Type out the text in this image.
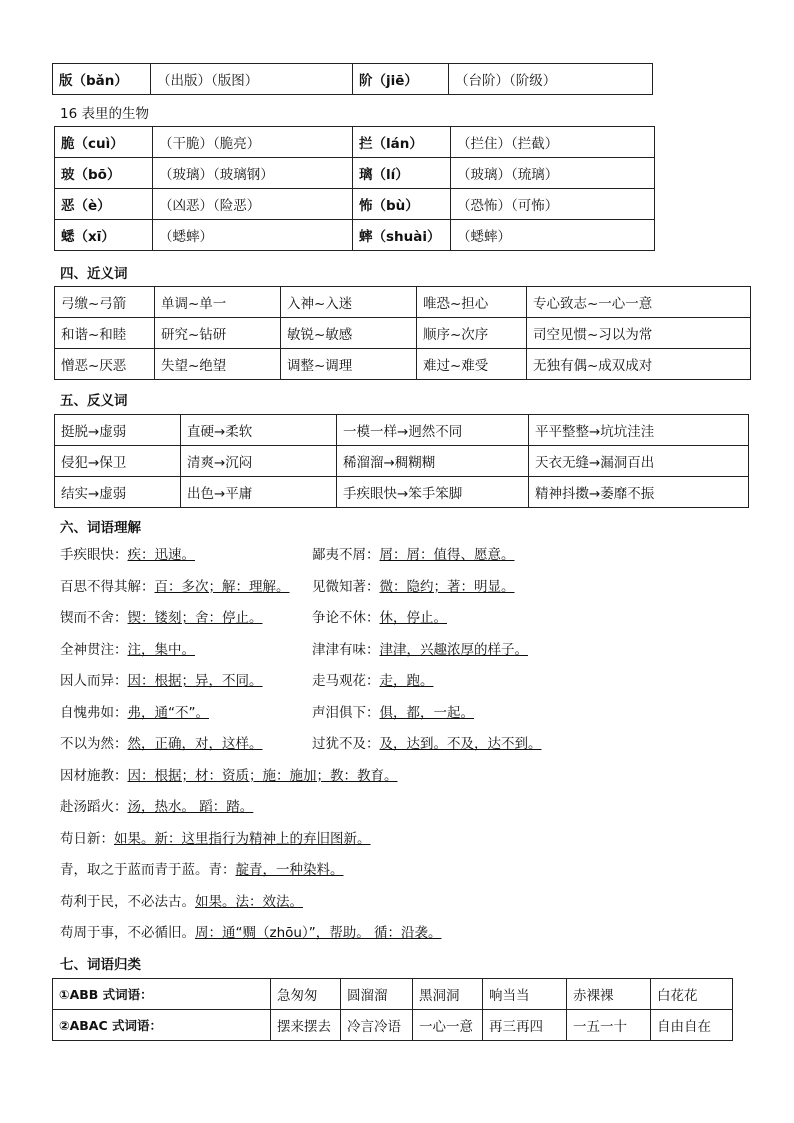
版（bǎn）	（出版）（版图）	阶（jiē）	（台阶）（阶级）
16 表里的生物
脆（cuì）	（干脆）（脆亮）	拦（lán）	（拦住）（拦截）
玻（bō）	（玻璃）（玻璃钢）	璃（lí）	（玻璃）（琉璃）
恶（è）	（凶恶）（险恶）	怖（bù）	（恐怖）（可怖）
蟋（xī）	（蟋蟀）	蟀（shuài）	（蟋蟀）
四、近义词
弓缴~弓箭	单调~单一	入神~入迷	唯恐~担心	专心致志~一心一意
和谐~和睦	研究~钻研	敏锐~敏感	顺序~次序	司空见惯~习以为常
憎恶~厌恶	失望~绝望	调整~调理	难过~难受	无独有偶~成双成对
五、反义词
挺脱→虚弱	直硬→柔软	一模一样→迥然不同	平平整整→坑坑洼洼
侵犯→保卫	清爽→沉闷	稀溜溜→稠糊糊	天衣无缝→漏洞百出
结实→虚弱	出色→平庸	手疾眼快→笨手笨脚	精神抖擞→萎靡不振
六、词语理解
手疾眼快：疾：迅速。	鄙夷不屑：屑：屑：值得、愿意。
百思不得其解：百：多次；解：理解。 见微知著：微：隐约；著：明显。
锲而不舍：锲：镂刻；舍：停止。	争论不休：休，停止。
全神贯注：注，集中。	津津有味：津津，兴趣浓厚的样子。
因人而异：因：根据；异，不同。	走马观花：走，跑。
自愧弗如：弗，通“不”。	声泪俱下：俱，都，一起。
不以为然：然，正确，对，这样。	过犹不及：及，达到。不及，达不到。
因材施教：因：根据；材：资质；施：施加；教：教育。
赴汤蹈火：汤，热水。 蹈：踏。
苟日新：如果。新：这里指行为精神上的弃旧图新。
青，取之于蓝而青于蓝。青：靛青，一种染料。
苟利于民，不必法古。如果。法：效法。
苟周于事，不必循旧。周：通“赒（zhōu）”，帮助。 循：沿袭。
七、词语归类
①ABB 式词语：	急匆匆	圆溜溜	黑洞洞	响当当	赤裸裸	白花花
②ABAC 式词语：	摆来摆去	冷言冷语	一心一意	再三再四	一五一十	自由自在
